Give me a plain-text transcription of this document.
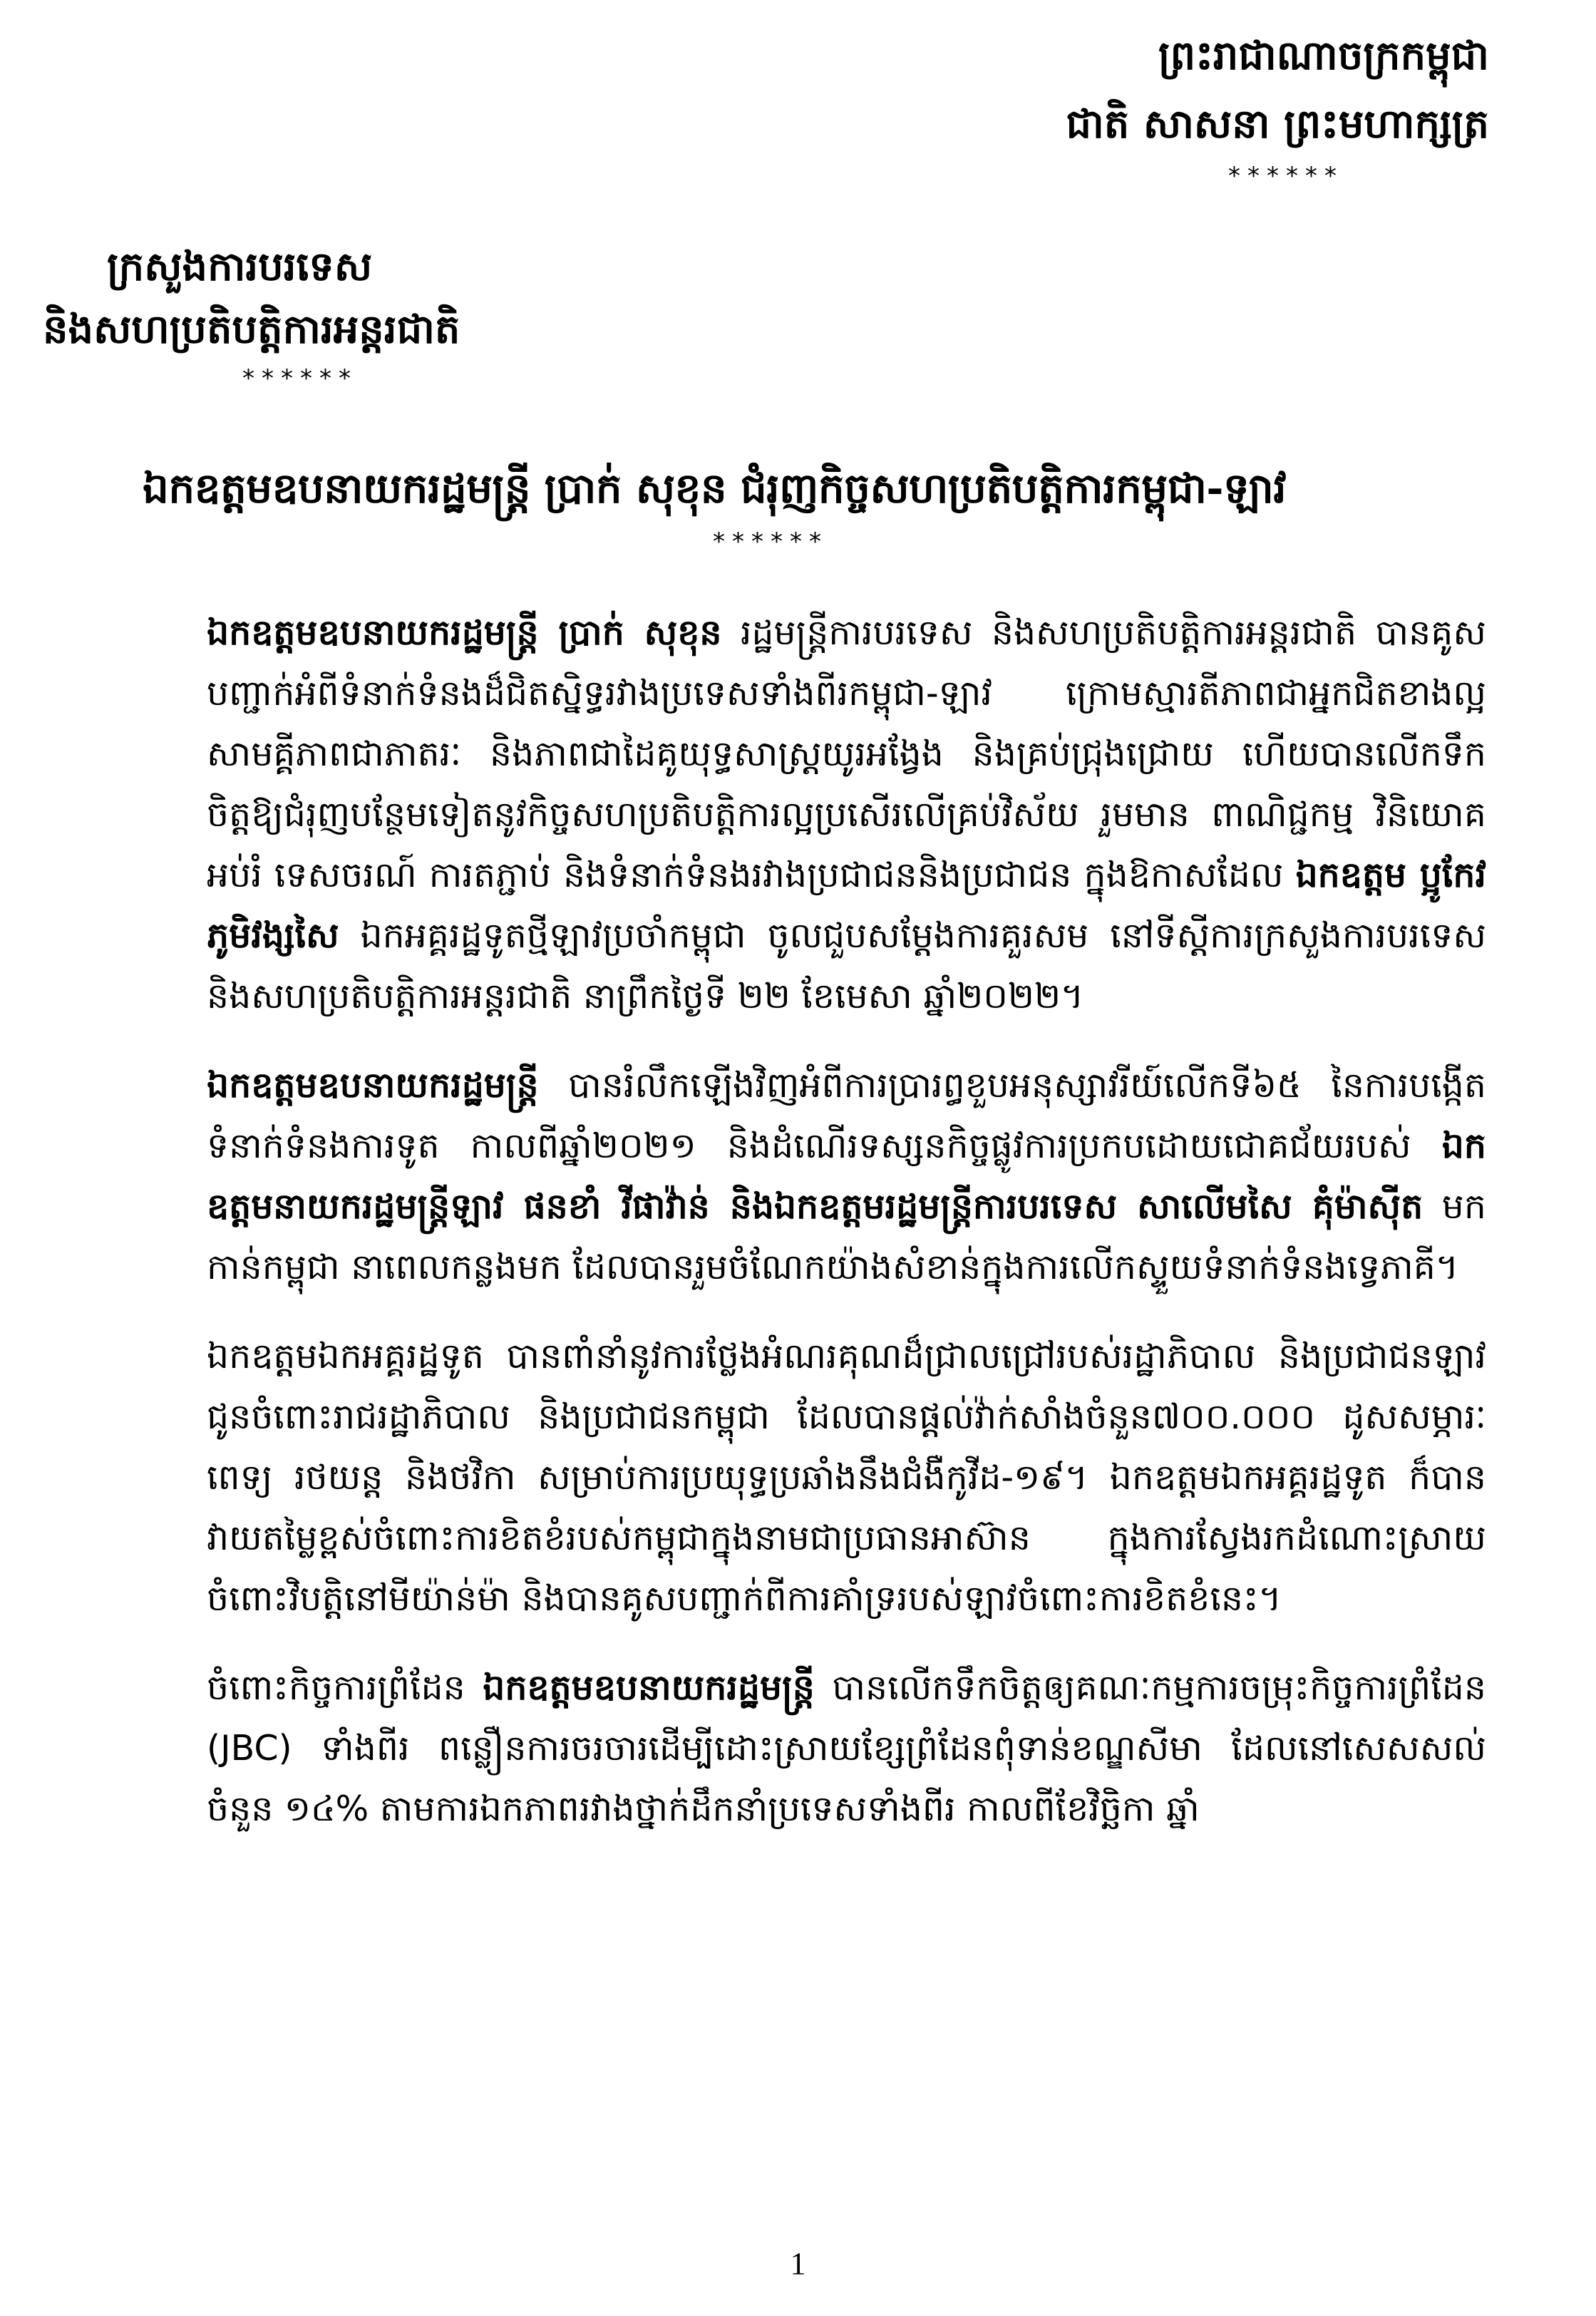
ព្រះរាជាណាចក្រកម្ពុជា
ជាតិ សាសនា ព្រះមហាក្សត្រ
******
ក្រសួងការបរទេស
និងសហប្រតិបត្តិការអន្តរជាតិ
******
ឯកឧត្តមឧបនាយករដ្ឋមន្ត្រី ប្រាក់ សុខុន ជំរុញកិច្ចសហប្រតិបត្តិការកម្ពុជា-ឡាវ
******

ឯកឧត្តមឧបនាយករដ្ឋមន្ត្រី ប្រាក់ សុខុន រដ្ឋមន្ត្រីការបរទេស និងសហប្រតិបត្តិការអន្តរជាតិ បានគូសបញ្ជាក់អំពីទំនាក់ទំនងដ៏ជិតស្និទ្ធរវាងប្រទេសទាំងពីរកម្ពុជា-ឡាវ ក្រោមស្មារតីភាពជាអ្នកជិតខាងល្អ សាមគ្គីភាពជាភាតរៈ និងភាពជាដៃគូយុទ្ធសាស្រ្តយូរអង្វែង និងគ្រប់ជ្រុងជ្រោយ ហើយបានលើកទឹកចិត្តឱ្យជំរុញបន្ថែមទៀតនូវកិច្ចសហប្រតិបត្តិការល្អប្រសើរលើគ្រប់វិស័យ រួមមាន ពាណិជ្ជកម្ម វិនិយោគ អប់រំ ទេសចរណ៍ ការតភ្ជាប់ និងទំនាក់ទំនងរវាងប្រជាជននិងប្រជាជន ក្នុងឱកាសដែល ឯកឧត្តម ប្អូកែវ ភូមិវង្សសៃ ឯកអគ្គរដ្ឋទូតថ្មីឡាវប្រចាំកម្ពុជា ចូលជួបសម្ដែងការគួរសម នៅទីស្ដីការក្រសួងការបរទេស និងសហប្រតិបត្តិការអន្តរជាតិ នាព្រឹកថ្ងៃទី ២២ ខែមេសា ឆ្នាំ២០២២។

ឯកឧត្តមឧបនាយករដ្ឋមន្ត្រី បានរំលឹកឡើងវិញអំពីការប្រារព្ធខួបអនុស្សាវរីយ៍លើកទី៦៥ នៃការបង្កើតទំនាក់ទំនងការទូត កាលពីឆ្នាំ២០២១ និងដំណើរទស្សនកិច្ចផ្លូវការប្រកបដោយជោគជ័យរបស់ ឯកឧត្តមនាយករដ្ឋមន្ត្រីឡាវ ផនខាំ វីផាវ៉ាន់ និងឯកឧត្តមរដ្ឋមន្ត្រីការបរទេស សាលើមសៃ គុំម៉ាស៊ីត មកកាន់កម្ពុជា នាពេលកន្លងមក ដែលបានរួមចំណែកយ៉ាងសំខាន់ក្នុងការលើកស្ទួយទំនាក់ទំនងទ្វេភាគី។

ឯកឧត្តមឯកអគ្គរដ្ឋទូត បានពាំនាំនូវការថ្លែងអំណរគុណដ៏ជ្រាលជ្រៅរបស់រដ្ឋាភិបាល និងប្រជាជនឡាវ ជូនចំពោះរាជរដ្ឋាភិបាល និងប្រជាជនកម្ពុជា ដែលបានផ្ដល់វ៉ាក់សាំងចំនួន៧០០.០០០ ដូសសម្ភារៈពេទ្យ រថយន្ត និងថវិកា សម្រាប់ការប្រយុទ្ធប្រឆាំងនឹងជំងឺកូវីដ-១៩។ ឯកឧត្តមឯកអគ្គរដ្ឋទូត ក៏បានវាយតម្លៃខ្ពស់ចំពោះការខិតខំរបស់កម្ពុជាក្នុងនាមជាប្រធានអាស៊ាន ក្នុងការស្វែងរកដំណោះស្រាយចំពោះវិបត្តិនៅមីយ៉ាន់ម៉ា និងបានគូសបញ្ជាក់ពីការគាំទ្ររបស់ឡាវចំពោះការខិតខំនេះ។

ចំពោះកិច្ចការព្រំដែន ឯកឧត្តមឧបនាយករដ្ឋមន្ត្រី បានលើកទឹកចិត្តឲ្យគណៈកម្មការចម្រុះកិច្ចការព្រំដែន (JBC) ទាំងពីរ ពន្លឿនការចរចារដើម្បីដោះស្រាយខ្សែព្រំដែនពុំទាន់ខណ្ឌសីមា ដែលនៅសេសសល់ចំនួន ១៤% តាមការឯកភាពរវាងថ្នាក់ដឹកនាំប្រទេសទាំងពីរ កាលពីខែវិច្ឆិកា ឆ្នាំ

1
